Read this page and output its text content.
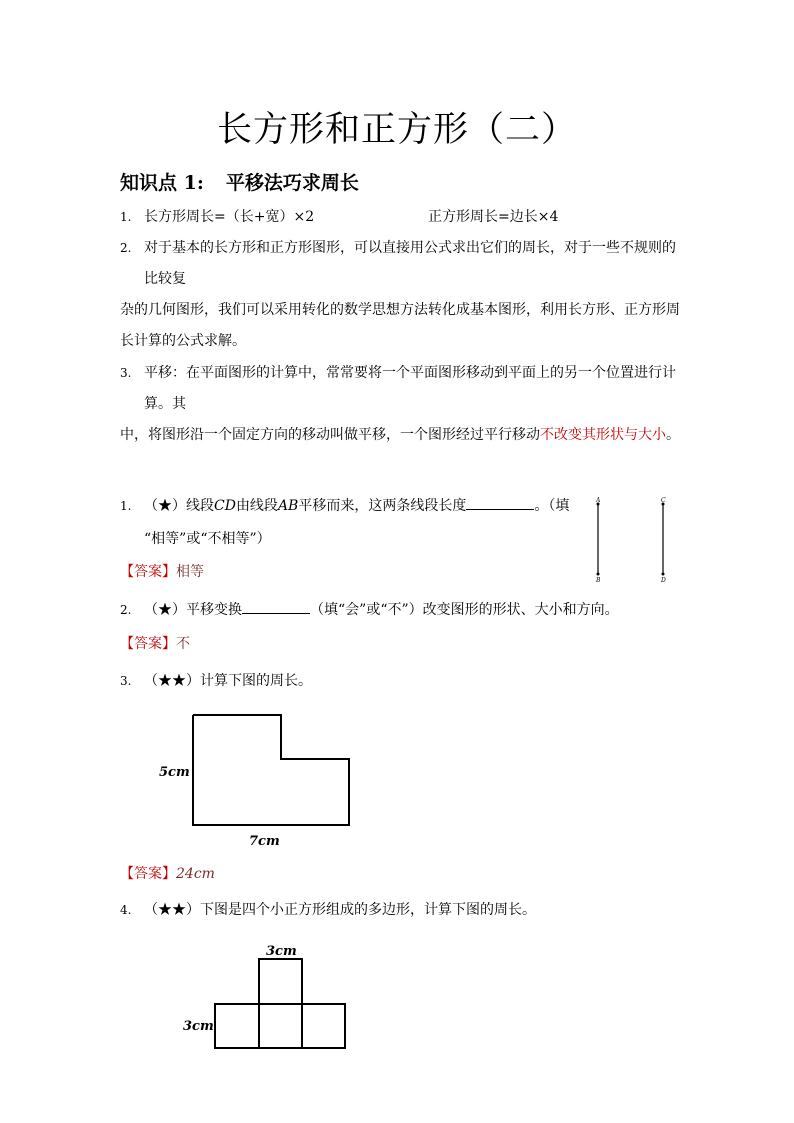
长方形和正方形（二）
知识点 1: 平移法巧求周长
1. 长方形周长=（长+宽）×2	正方形周长=边长×4
2. 对于基本的长方形和正方形图形，可以直接用公式求出它们的周长，对于一些不规则的
比较复
杂的几何图形，我们可以采用转化的数学思想方法转化成基本图形，利用长方形、正方形周
长计算的公式求解。
3. 平移：在平面图形的计算中，常常要将一个平面图形移动到平面上的另一个位置进行计
算。其
中，将图形沿一个固定方向的移动叫做平移，一个图形经过平行移动不改变其形状与大小。
1. （★）线段CD由线段AB平移而来，这两条线段长度	。（填
“相等”或“不相等”）
A	C
B	D
【答案】相等
2. （★）平移变换	（填“会”或“不”）改变图形的形状、大小和方向。
【答案】不
3. （★★）计算下图的周长。
5cm
7cm
【答案】24cm
4. （★★）下图是四个小正方形组成的多边形，计算下图的周长。
3cm
3cm
